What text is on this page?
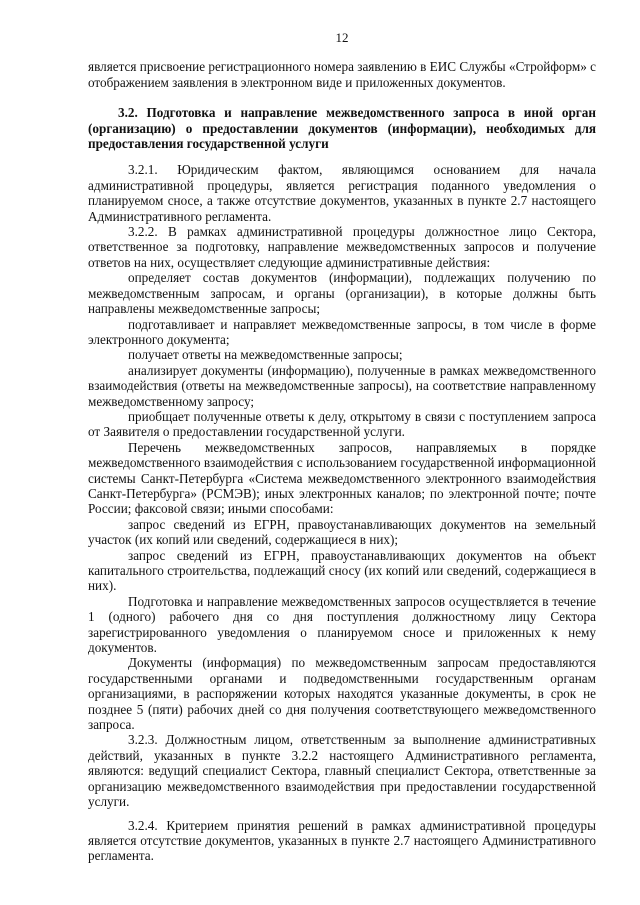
12

является присвоение регистрационного номера заявлению в ЕИС Службы «Стройформ» с отображением заявления в электронном виде и приложенных документов.

3.2. Подготовка и направление межведомственного запроса в иной орган (организацию) о предоставлении документов (информации), необходимых для предоставления государственной услуги

3.2.1. Юридическим фактом, являющимся основанием для начала административной процедуры, является регистрация поданного уведомления о планируемом сносе, а также отсутствие документов, указанных в пункте 2.7 настоящего Административного регламента.

3.2.2. В рамках административной процедуры должностное лицо Сектора, ответственное за подготовку, направление межведомственных запросов и получение ответов на них, осуществляет следующие административные действия:

определяет состав документов (информации), подлежащих получению по межведомственным запросам, и органы (организации), в которые должны быть направлены межведомственные запросы;

подготавливает и направляет межведомственные запросы, в том числе в форме электронного документа;

получает ответы на межведомственные запросы;

анализирует документы (информацию), полученные в рамках межведомственного взаимодействия (ответы на межведомственные запросы), на соответствие направленному межведомственному запросу;

приобщает полученные ответы к делу, открытому в связи с поступлением запроса от Заявителя о предоставлении государственной услуги.

Перечень межведомственных запросов, направляемых в порядке межведомственного взаимодействия с использованием государственной информационной системы Санкт-Петербурга «Система межведомственного электронного взаимодействия Санкт-Петербурга» (РСМЭВ); иных электронных каналов; по электронной почте; почте России; факсовой связи; иными способами:

запрос сведений из ЕГРН, правоустанавливающих документов на земельный участок (их копий или сведений, содержащиеся в них);

запрос сведений из ЕГРН, правоустанавливающих документов на объект капитального строительства, подлежащий сносу (их копий или сведений, содержащиеся в них).

Подготовка и направление межведомственных запросов осуществляется в течение 1 (одного) рабочего дня со дня поступления должностному лицу Сектора зарегистрированного уведомления о планируемом сносе и приложенных к нему документов.

Документы (информация) по межведомственным запросам предоставляются государственными органами и подведомственными государственным органам организациями, в распоряжении которых находятся указанные документы, в срок не позднее 5 (пяти) рабочих дней со дня получения соответствующего межведомственного запроса.

3.2.3. Должностным лицом, ответственным за выполнение административных действий, указанных в пункте 3.2.2 настоящего Административного регламента, являются: ведущий специалист Сектора, главный специалист Сектора, ответственные за организацию межведомственного взаимодействия при предоставлении государственной услуги.

3.2.4. Критерием принятия решений в рамках административной процедуры является отсутствие документов, указанных в пункте 2.7 настоящего Административного регламента.
